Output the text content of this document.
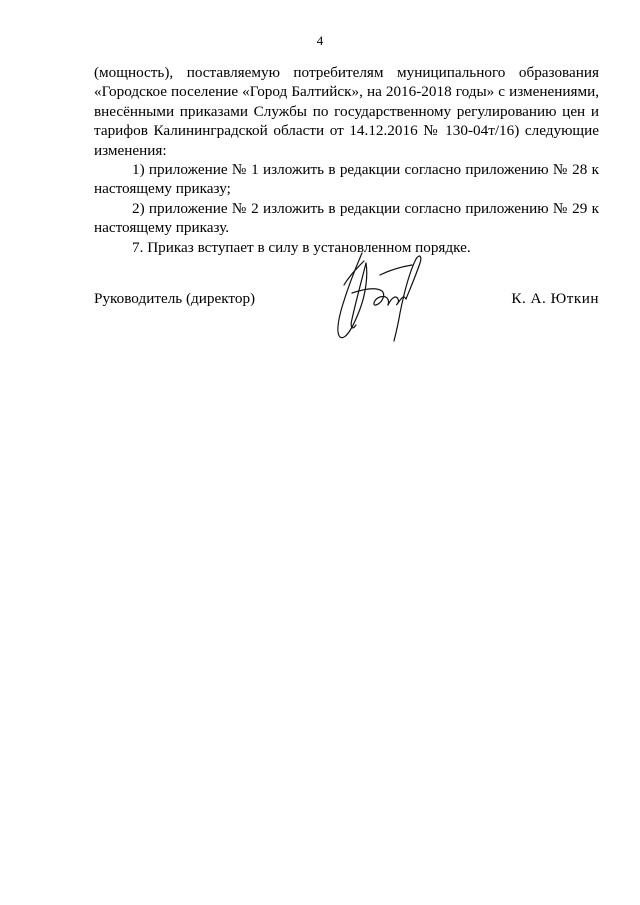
4

(мощность), поставляемую потребителям муниципального образования «Городское поселение «Город Балтийск», на 2016-2018 годы» с изменениями, внесёнными приказами Службы по государственному регулированию цен и тарифов Калининградской области от 14.12.2016 № 130-04т/16) следующие изменения:

1) приложение № 1 изложить в редакции согласно приложению № 28 к настоящему приказу;

2) приложение № 2 изложить в редакции согласно приложению № 29 к настоящему приказу.

7. Приказ вступает в силу в установленном порядке.

Руководитель (директор)	К. А. Юткин
